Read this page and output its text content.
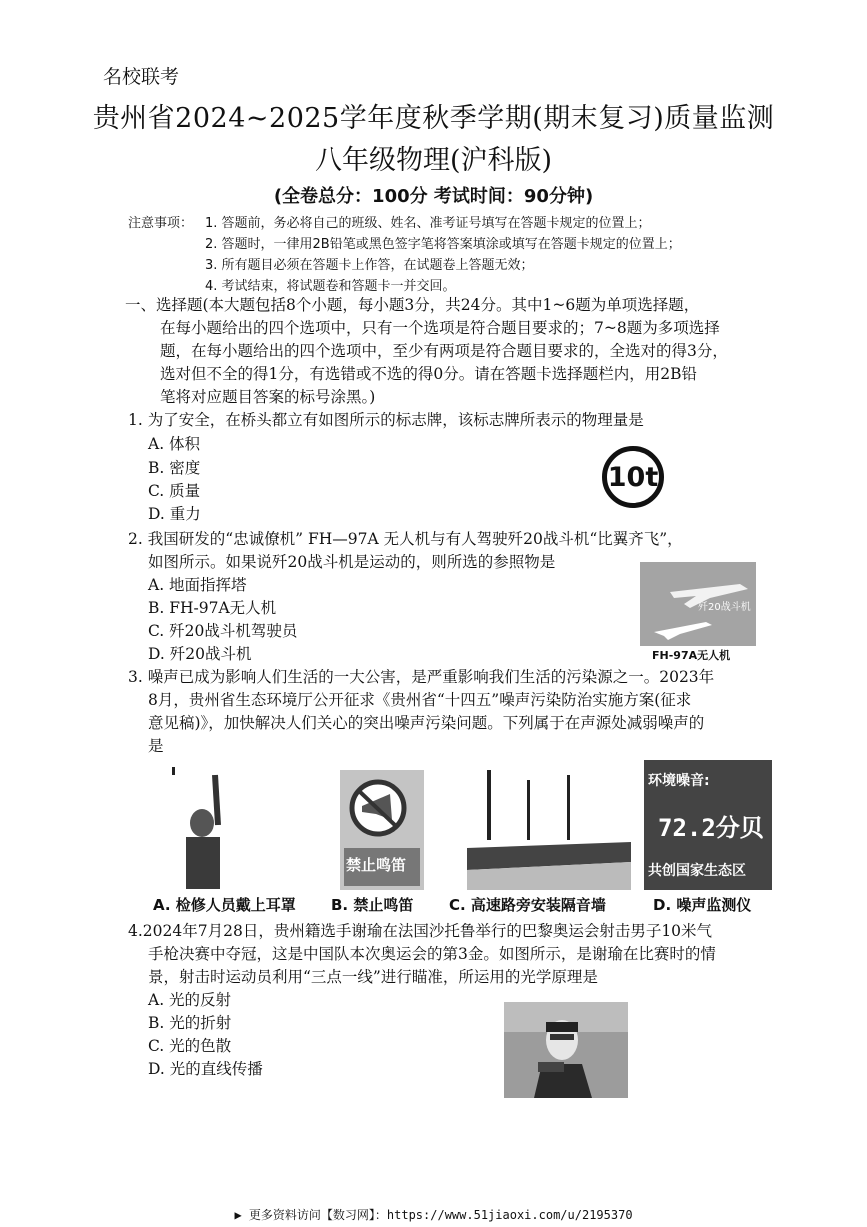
名校联考
贵州省2024~2025学年度秋季学期(期末复习)质量监测
八年级物理(沪科版)
(全卷总分：100分 考试时间：90分钟)
注意事项： 1. 答题前，务必将自己的班级、姓名、准考证号填写在答题卡规定的位置上；
2. 答题时，一律用2B铅笔或黑色签字笔将答案填涂或填写在答题卡规定的位置上；
3. 所有题目必须在答题卡上作答，在试题卷上答题无效；
4. 考试结束，将试题卷和答题卡一并交回。
一、选择题(本大题包括8个小题，每小题3分，共24分。其中1~6题为单项选择题，
在每小题给出的四个选项中，只有一个选项是符合题目要求的；7~8题为多项选择
题，在每小题给出的四个选项中，至少有两项是符合题目要求的，全选对的得3分，
选对但不全的得1分，有选错或不选的得0分。请在答题卡选择题栏内，用2B铅
笔将对应题目答案的标号涂黑。)
1. 为了安全，在桥头都立有如图所示的标志牌，该标志牌所表示的物理量是
A. 体积
B. 密度
C. 质量
D. 重力
10t
2. 我国研发的“忠诚僚机” FH—97A 无人机与有人驾驶歼20战斗机“比翼齐飞”，
如图所示。如果说歼20战斗机是运动的，则所选的参照物是
A. 地面指挥塔
B. FH-97A无人机
C. 歼20战斗机驾驶员
D. 歼20战斗机
歼20战斗机
FH-97A无人机
3. 噪声已成为影响人们生活的一大公害，是严重影响我们生活的污染源之一。2023年
8月，贵州省生态环境厅公开征求《贵州省“十四五”噪声污染防治实施方案(征求
意见稿)》，加快解决人们关心的突出噪声污染问题。下列属于在声源处减弱噪声的
是
禁止鸣笛
环境噪音:
72.2分贝
共创国家生态区
A. 检修人员戴上耳罩 B. 禁止鸣笛 C. 高速路旁安装隔音墙	D. 噪声监测仪
4.2024年7月28日，贵州籍选手谢瑜在法国沙托鲁举行的巴黎奥运会射击男子10米气
手枪决赛中夺冠，这是中国队本次奥运会的第3金。如图所示，是谢瑜在比赛时的情
景，射击时运动员利用“三点一线”进行瞄准，所运用的光学原理是
A. 光的反射
B. 光的折射
C. 光的色散
D. 光的直线传播
▶ 更多资料访问【数习网】：https://www.51jiaoxi.com/u/2195370
